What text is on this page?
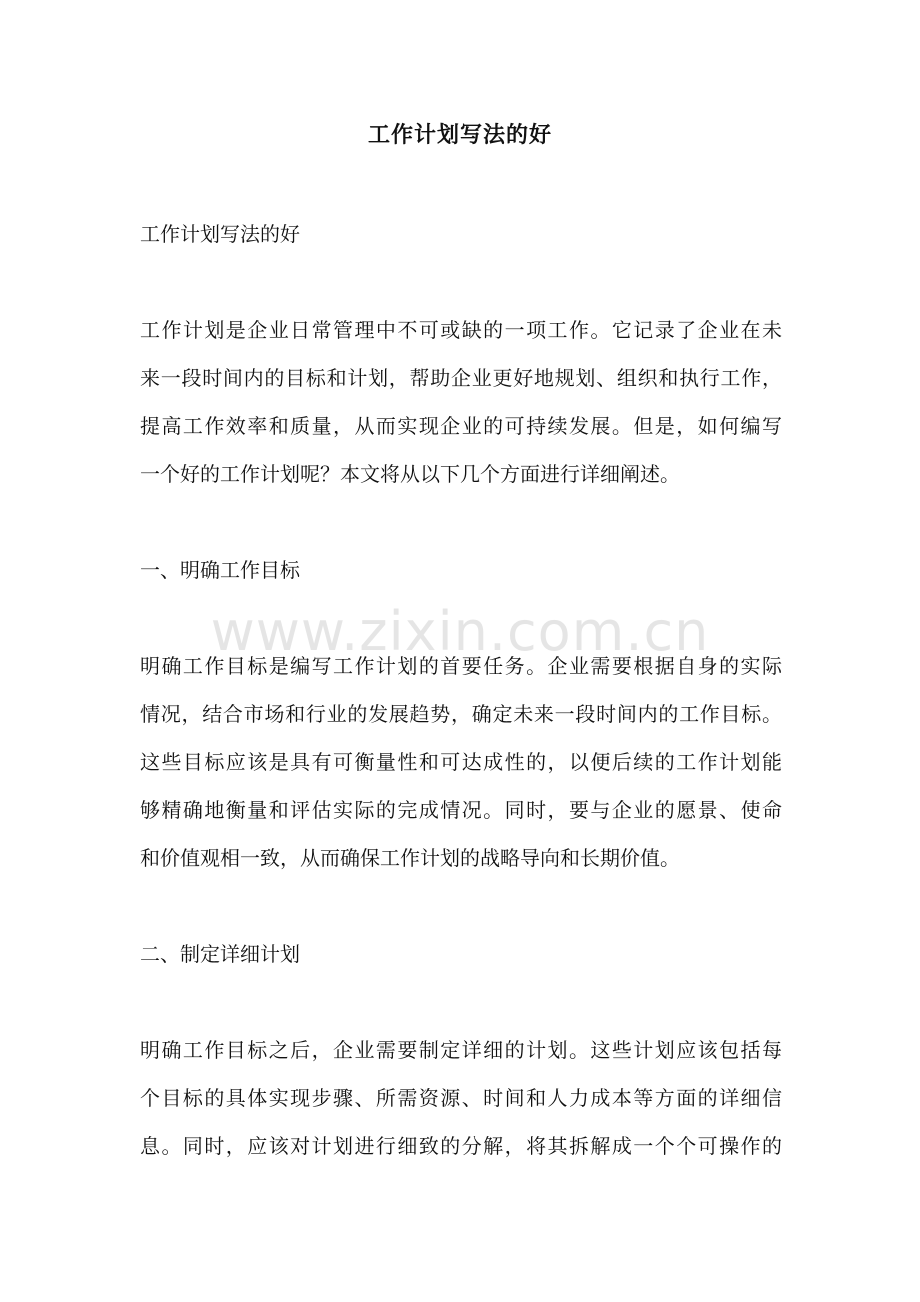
工作计划写法的好

工作计划写法的好

工作计划是企业日常管理中不可或缺的一项工作。它记录了企业在未

来一段时间内的目标和计划，帮助企业更好地规划、组织和执行工作，

提高工作效率和质量，从而实现企业的可持续发展。但是，如何编写

一个好的工作计划呢？本文将从以下几个方面进行详细阐述。

一、明确工作目标

明确工作目标是编写工作计划的首要任务。企业需要根据自身的实际

情况，结合市场和行业的发展趋势，确定未来一段时间内的工作目标。

这些目标应该是具有可衡量性和可达成性的，以便后续的工作计划能

够精确地衡量和评估实际的完成情况。同时，要与企业的愿景、使命

和价值观相一致，从而确保工作计划的战略导向和长期价值。

二、制定详细计划

明确工作目标之后，企业需要制定详细的计划。这些计划应该包括每

个目标的具体实现步骤、所需资源、时间和人力成本等方面的详细信

息。同时，应该对计划进行细致的分解，将其拆解成一个个可操作的

www.zixin.com.cn
